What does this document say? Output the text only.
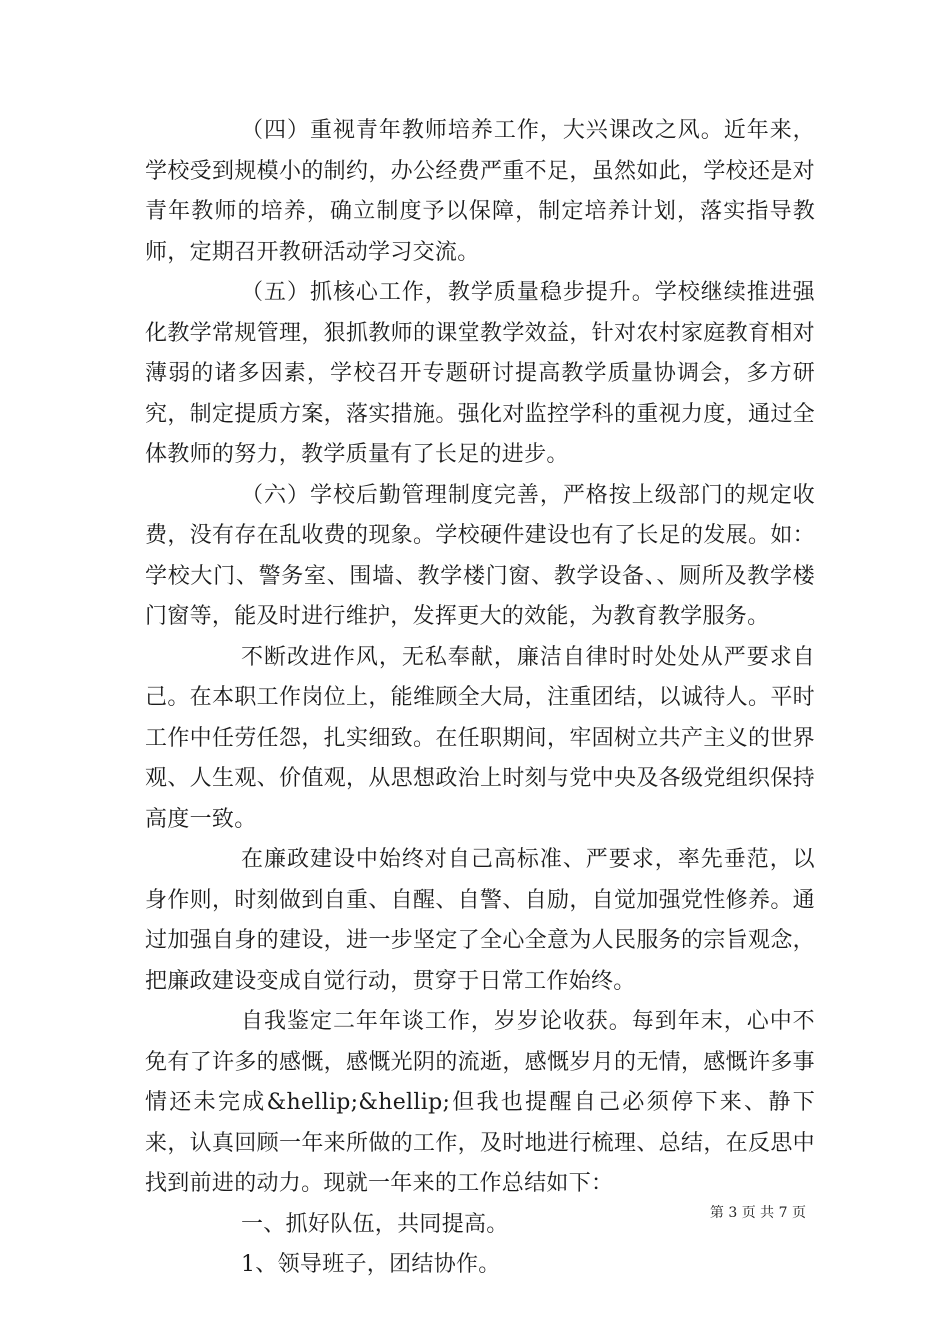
（四）重视青年教师培养工作，大兴课改之风。近年来，学校受到规模小的制约，办公经费严重不足，虽然如此，学校还是对青年教师的培养，确立制度予以保障，制定培养计划，落实指导教师，定期召开教研活动学习交流。

（五）抓核心工作，教学质量稳步提升。学校继续推进强化教学常规管理，狠抓教师的课堂教学效益，针对农村家庭教育相对薄弱的诸多因素，学校召开专题研讨提高教学质量协调会，多方研究，制定提质方案，落实措施。强化对监控学科的重视力度，通过全体教师的努力，教学质量有了长足的进步。

（六）学校后勤管理制度完善，严格按上级部门的规定收费，没有存在乱收费的现象。学校硬件建设也有了长足的发展。如：学校大门、警务室、围墙、教学楼门窗、教学设备、、厕所及教学楼门窗等，能及时进行维护，发挥更大的效能，为教育教学服务。

不断改进作风，无私奉献，廉洁自律时时处处从严要求自己。在本职工作岗位上，能维顾全大局，注重团结，以诚待人。平时工作中任劳任怨，扎实细致。在任职期间，牢固树立共产主义的世界观、人生观、价值观，从思想政治上时刻与党中央及各级党组织保持高度一致。

在廉政建设中始终对自己高标准、严要求，率先垂范，以身作则，时刻做到自重、自醒、自警、自励，自觉加强党性修养。通过加强自身的建设，进一步坚定了全心全意为人民服务的宗旨观念，把廉政建设变成自觉行动，贯穿于日常工作始终。

自我鉴定二年年谈工作，岁岁论收获。每到年末，心中不免有了许多的感慨，感慨光阴的流逝，感慨岁月的无情，感慨许多事情还未完成&hellip;&hellip;但我也提醒自己必须停下来、静下来，认真回顾一年来所做的工作，及时地进行梳理、总结，在反思中找到前进的动力。现就一年来的工作总结如下：

一、抓好队伍，共同提高。

1、领导班子，团结协作。

第 3 页 共 7 页
